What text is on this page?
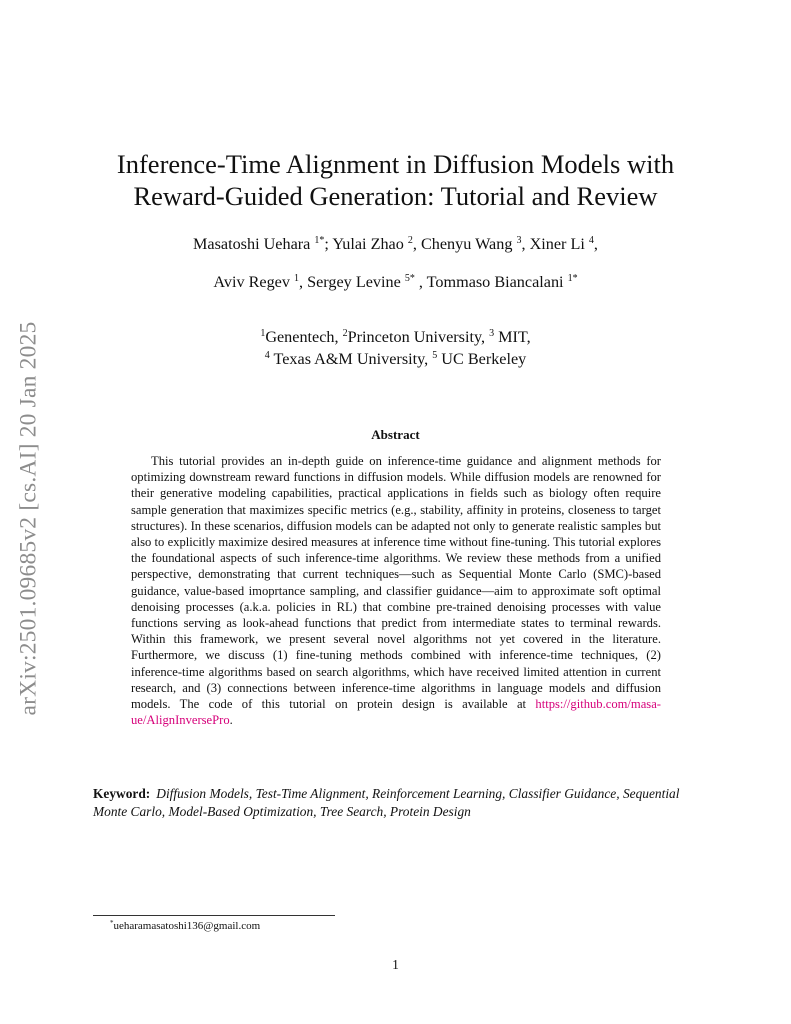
arXiv:2501.09685v2 [cs.AI] 20 Jan 2025
Inference-Time Alignment in Diffusion Models with
Reward-Guided Generation: Tutorial and Review
Masatoshi Uehara $^{1*}$; Yulai Zhao $^2$, Chenyu Wang $^3$, Xiner Li $^4$,
Aviv Regev $^1$, Sergey Levine $^{5*}$ , Tommaso Biancalani $^{1*}$
$^1$Genentech, $^2$Princeton University, $^3$ MIT,
$^4$ Texas A&M University, $^5$ UC Berkeley
Abstract

This tutorial provides an in-depth guide on inference-time guidance and alignment methods for optimizing downstream reward functions in diffusion models. While diffusion models are renowned for their generative modeling capabilities, practical applications in fields such as biology often require sample generation that maximizes specific metrics (e.g., stability, affinity in proteins, closeness to target structures). In these scenarios, diffusion models can be adapted not only to generate realistic samples but also to explicitly maximize desired measures at inference time without fine-tuning. This tutorial explores the foundational aspects of such inference-time algorithms. We review these methods from a unified perspective, demonstrating that current techniques—such as Sequential Monte Carlo (SMC)-based guidance, value-based imoprtance sampling, and classifier guidance—aim to approximate soft optimal denoising processes (a.k.a. policies in RL) that combine pre-trained denoising processes with value functions serving as look-ahead functions that predict from intermediate states to terminal rewards. Within this framework, we present several novel algorithms not yet covered in the literature. Furthermore, we discuss (1) fine-tuning methods combined with inference-time techniques, (2) inference-time algorithms based on search algorithms, which have received limited attention in current research, and (3) connections between inference-time algorithms in language models and diffusion models. The code of this tutorial on protein design is available at https://github.com/masa-ue/AlignInversePro.

Keyword: Diffusion Models, Test-Time Alignment, Reinforcement Learning, Classifier Guidance, Sequential Monte Carlo, Model-Based Optimization, Tree Search, Protein Design

*ueharamasatoshi136@gmail.com
1
